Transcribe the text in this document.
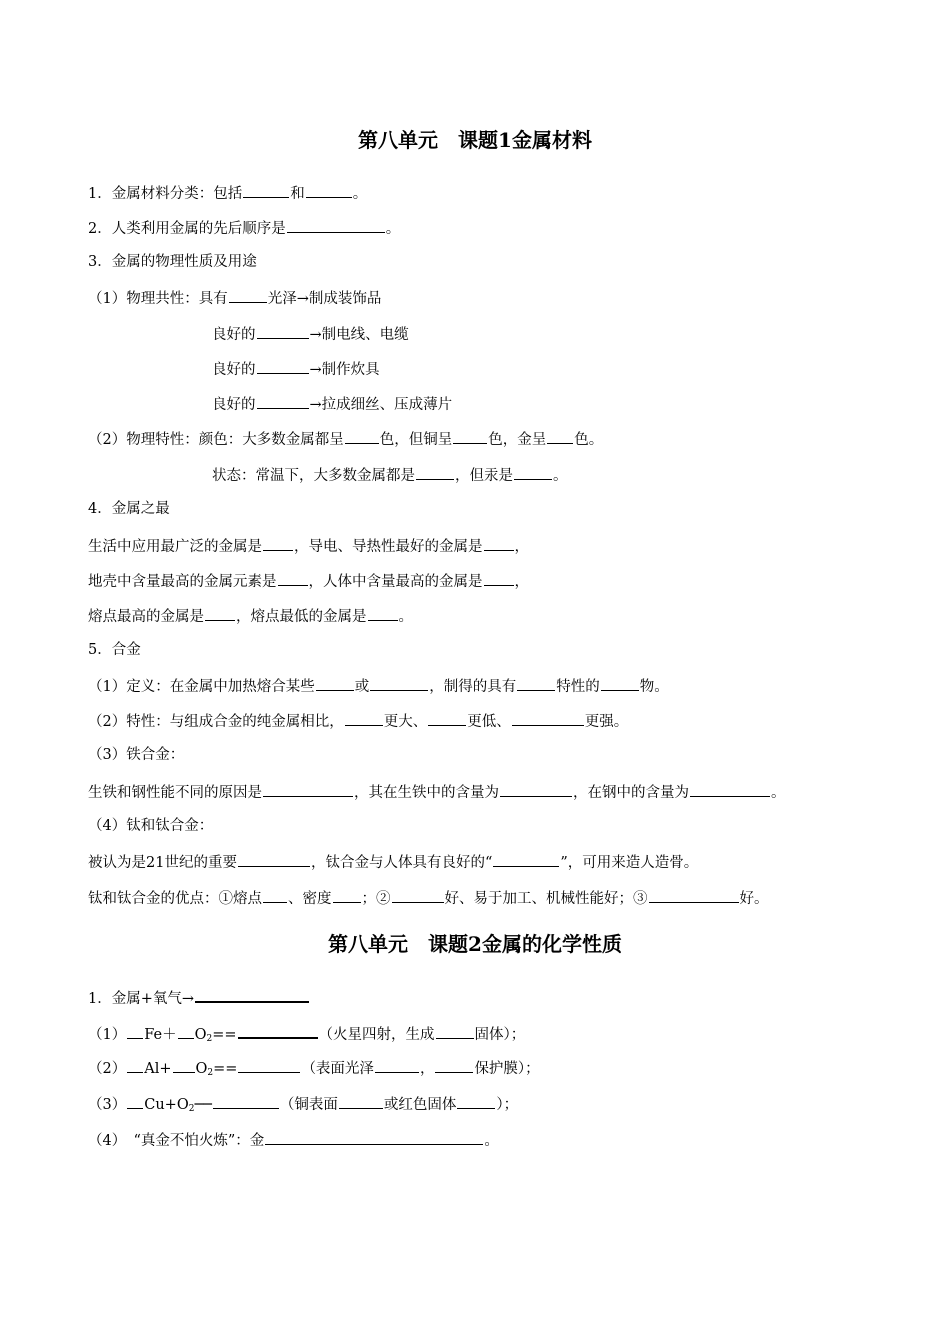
第八单元　课题1金属材料
1．金属材料分类：包括	和	。
2．人类利用金属的先后顺序是	。
3．金属的物理性质及用途
（1）物理共性：具有	光泽→制成装饰品
良好的	→制电线、电缆
良好的	→制作炊具
良好的	→拉成细丝、压成薄片
（2）物理特性：颜色：大多数金属都呈 色，但铜呈 色，金呈 色。
状态：常温下，大多数金属都是	，但汞是	。
4．金属之最
生活中应用最广泛的金属是 ，导电、导热性最好的金属是 ，
地壳中含量最高的金属元素是 ，人体中含量最高的金属是 ，
熔点最高的金属是 ，熔点最低的金属是 。
5．合金
（1）定义：在金属中加热熔合某些	或	，制得的具有	特性的	物。
（2）特性：与组成合金的纯金属相比，	更大、	更低、	更强。
（3）铁合金：
生铁和钢性能不同的原因是	，其在生铁中的含量为	，在钢中的含量为	。
（4）钛和钛合金：
被认为是21世纪的重要	，钛合金与人体具有良好的“	”，可用来造人造骨。
钛和钛合金的优点：①熔点 、密度 ；②	好、易于加工、机械性能好；③	好。
第八单元　课题2金属的化学性质
1．金属+氧气→
（1） $Fe+ O_2==$	（火星四射，生成	固体）；
（2） $Al+ O_2==$	（表面光泽	，	保护膜）；
（3） $Cu+O_2──$	（铜表面	或红色固体	）；
（4）　“真金不怕火炼”：金	。
